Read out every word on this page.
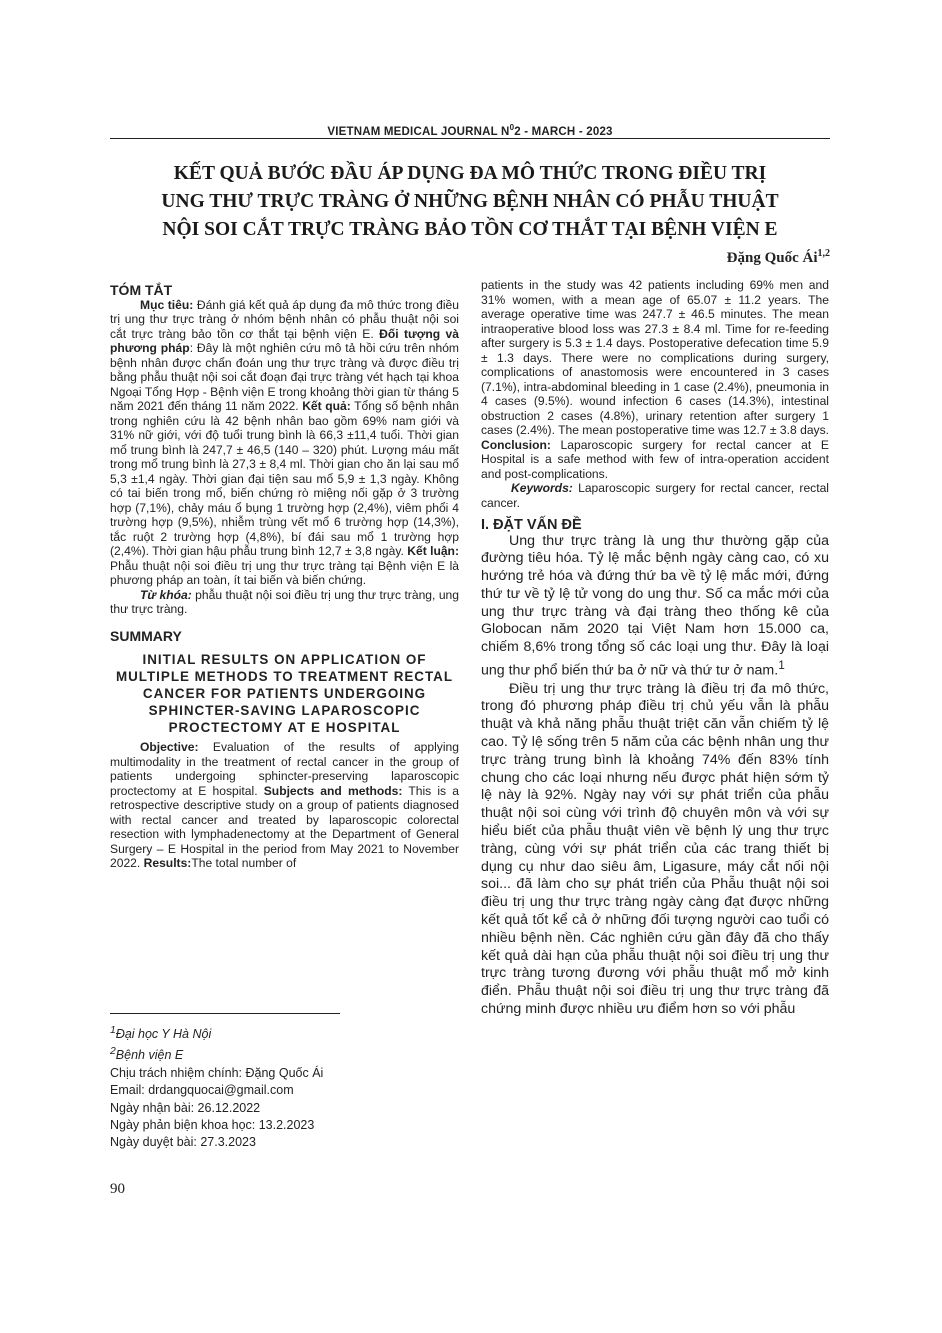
VIETNAM MEDICAL JOURNAL $N^02$ - MARCH - 2023
KẾT QUẢ BƯỚC ĐẦU ÁP DỤNG ĐA MÔ THỨC TRONG ĐIỀU TRỊ
UNG THƯ TRỰC TRÀNG Ở NHỮNG BỆNH NHÂN CÓ PHẪU THUẬT
NỘI SOI CẮT TRỰC TRÀNG BẢO TỒN CƠ THẮT TẠI BỆNH VIỆN E
Đặng Quốc Ái$^{1,2}$

TÓM TẮT

Mục tiêu: Đánh giá kết quả áp dụng đa mô thức trong điều trị ung thư trực tràng ở nhóm bệnh nhân có phẫu thuật nội soi cắt trực tràng bảo tồn cơ thắt tại bệnh viện E. Đối tượng và phương pháp: Đây là một nghiên cứu mô tả hồi cứu trên nhóm bệnh nhân được chẩn đoán ung thư trực tràng và được điều trị bằng phẫu thuật nội soi cắt đoạn đại trực tràng vét hạch tại khoa Ngoại Tổng Hợp - Bệnh viện E trong khoảng thời gian từ tháng 5 năm 2021 đến tháng 11 năm 2022. Kết quả: Tổng số bệnh nhân trong nghiên cứu là 42 bệnh nhân bao gồm 69% nam giới và 31% nữ giới, với độ tuổi trung bình là 66,3 ±11,4 tuổi. Thời gian mổ trung bình là 247,7 ± 46,5 (140 – 320) phút. Lượng máu mất trong mổ trung bình là 27,3 ± 8,4 ml. Thời gian cho ăn lại sau mổ 5,3 ±1,4 ngày. Thời gian đại tiện sau mổ 5,9 ± 1,3 ngày. Không có tai biến trong mổ, biến chứng rò miệng nối gặp ở 3 trường hợp (7,1%), chảy máu ổ bụng 1 trường hợp (2,4%), viêm phổi 4 trường hợp (9,5%), nhiễm trùng vết mổ 6 trường hợp (14,3%), tắc ruột 2 trường hợp (4,8%), bí đái sau mổ 1 trường hợp (2,4%). Thời gian hậu phẫu trung bình 12,7 ± 3,8 ngày. Kết luận: Phẫu thuật nội soi điều trị ung thư trực tràng tại Bệnh viện E là phương pháp an toàn, ít tai biến và biến chứng.

Từ khóa: phẫu thuật nội soi điều trị ung thư trực tràng, ung thư trực tràng.

SUMMARY

INITIAL RESULTS ON APPLICATION OF MULTIPLE METHODS TO TREATMENT RECTAL CANCER FOR PATIENTS UNDERGOING SPHINCTER-SAVING LAPAROSCOPIC PROCTECTOMY AT E HOSPITAL

Objective: Evaluation of the results of applying multimodality in the treatment of rectal cancer in the group of patients undergoing sphincter-preserving laparoscopic proctectomy at E hospital. Subjects and methods: This is a retrospective descriptive study on a group of patients diagnosed with rectal cancer and treated by laparoscopic colorectal resection with lymphadenectomy at the Department of General Surgery – E Hospital in the period from May 2021 to November 2022. Results:The total number of

$^1$Đại học Y Hà Nội
$^2$Bệnh viện E
Chịu trách nhiệm chính: Đặng Quốc Ái
Email: drdangquocai@gmail.com
Ngày nhận bài: 26.12.2022
Ngày phản biện khoa học: 13.2.2023
Ngày duyệt bài: 27.3.2023

patients in the study was 42 patients including 69% men and 31% women, with a mean age of 65.07 ± 11.2 years. The average operative time was 247.7 ± 46.5 minutes. The mean intraoperative blood loss was 27.3 ± 8.4 ml. Time for re-feeding after surgery is 5.3 ± 1.4 days. Postoperative defecation time 5.9 ± 1.3 days. There were no complications during surgery, complications of anastomosis were encountered in 3 cases (7.1%), intra-abdominal bleeding in 1 case (2.4%), pneumonia in 4 cases (9.5%). wound infection 6 cases (14.3%), intestinal obstruction 2 cases (4.8%), urinary retention after surgery 1 cases (2.4%). The mean postoperative time was 12.7 ± 3.8 days. Conclusion: Laparoscopic surgery for rectal cancer at E Hospital is a safe method with few of intra-operation accident and post-complications.

Keywords: Laparoscopic surgery for rectal cancer, rectal cancer.

I. ĐẶT VẤN ĐỀ

Ung thư trực tràng là ung thư thường gặp của đường tiêu hóa. Tỷ lệ mắc bệnh ngày càng cao, có xu hướng trẻ hóa và đứng thứ ba về tỷ lệ mắc mới, đứng thứ tư về tỷ lệ tử vong do ung thư. Số ca mắc mới của ung thư trực tràng và đại tràng theo thống kê của Globocan năm 2020 tại Việt Nam hơn 15.000 ca, chiếm 8,6% trong tổng số các loại ung thư. Đây là loại ung thư phổ biến thứ ba ở nữ và thứ tư ở nam.$^1$

Điều trị ung thư trực tràng là điều trị đa mô thức, trong đó phương pháp điều trị chủ yếu vẫn là phẫu thuật và khả năng phẫu thuật triệt căn vẫn chiếm tỷ lệ cao. Tỷ lệ sống trên 5 năm của các bệnh nhân ung thư trực tràng trung bình là khoảng 74% đến 83% tính chung cho các loại nhưng nếu được phát hiện sớm tỷ lệ này là 92%. Ngày nay với sự phát triển của phẫu thuật nội soi cùng với trình độ chuyên môn và với sự hiểu biết của phẫu thuật viên về bệnh lý ung thư trực tràng, cùng với sự phát triển của các trang thiết bị dụng cụ như dao siêu âm, Ligasure, máy cắt nối nội soi... đã làm cho sự phát triển của Phẫu thuật nội soi điều trị ung thư trực tràng ngày càng đạt được những kết quả tốt kể cả ở những đối tượng người cao tuổi có nhiều bệnh nền. Các nghiên cứu gần đây đã cho thấy kết quả dài hạn của phẫu thuật nội soi điều trị ung thư trực tràng tương đương với phẫu thuật mổ mở kinh điển. Phẫu thuật nội soi điều trị ung thư trực tràng đã chứng minh được nhiều ưu điểm hơn so với phẫu

90
